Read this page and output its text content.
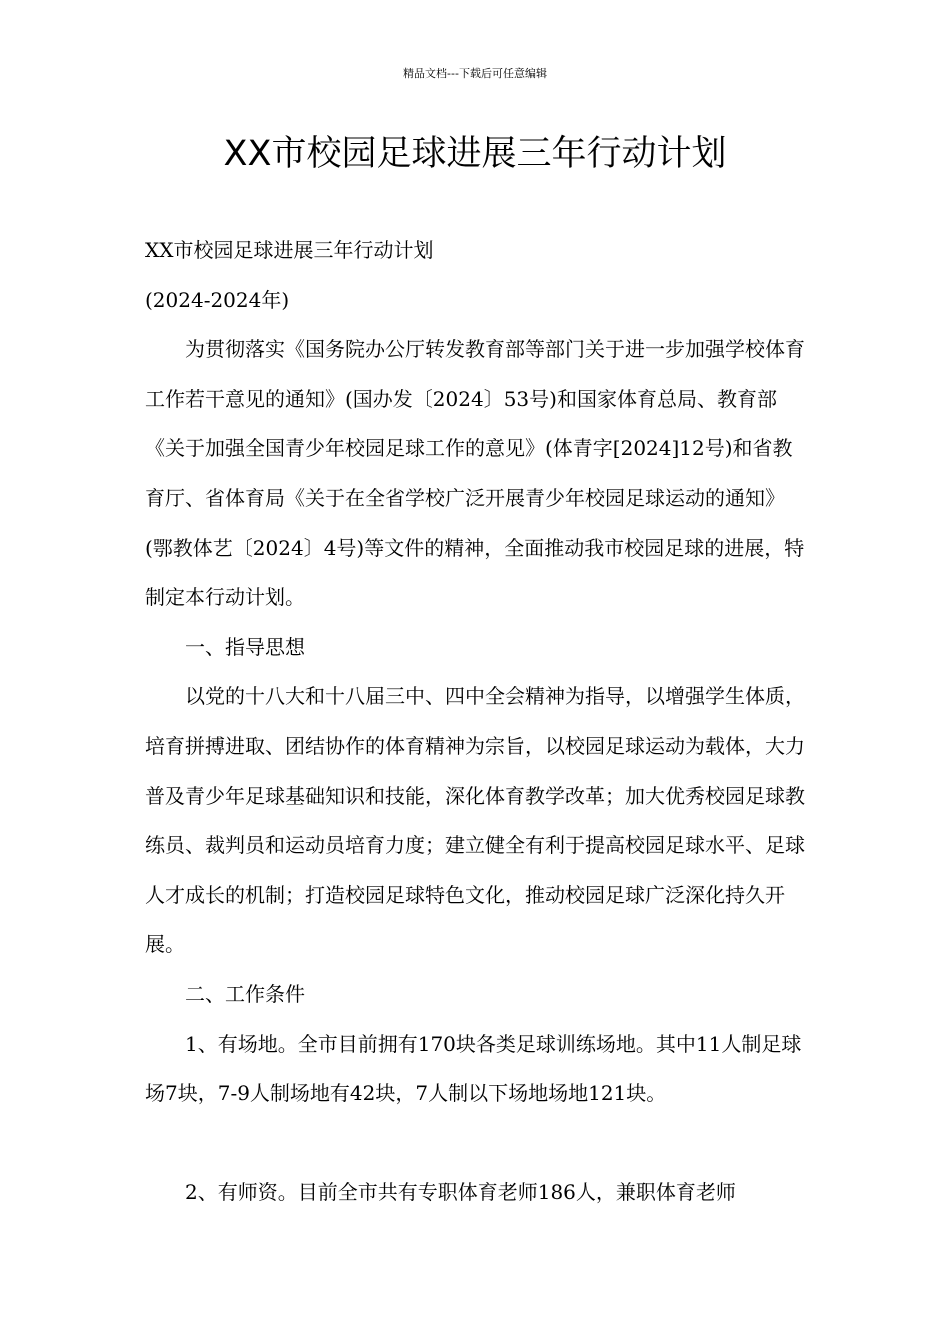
精品文档---下载后可任意编辑
XX市校园足球进展三年行动计划

XX市校园足球进展三年行动计划

(2024-2024年)

为贯彻落实《国务院办公厅转发教育部等部门关于进一步加强学校体育工作若干意见的通知》(国办发〔2024〕53号)和国家体育总局、教育部《关于加强全国青少年校园足球工作的意见》(体青字[2024]12号)和省教育厅、省体育局《关于在全省学校广泛开展青少年校园足球运动的通知》(鄂教体艺〔2024〕4号)等文件的精神，全面推动我市校园足球的进展，特制定本行动计划。

一、指导思想

以党的十八大和十八届三中、四中全会精神为指导，以增强学生体质，培育拼搏进取、团结协作的体育精神为宗旨，以校园足球运动为载体，大力普及青少年足球基础知识和技能，深化体育教学改革；加大优秀校园足球教练员、裁判员和运动员培育力度；建立健全有利于提高校园足球水平、足球人才成长的机制；打造校园足球特色文化，推动校园足球广泛深化持久开展。

二、工作条件

1、有场地。全市目前拥有170块各类足球训练场地。其中11人制足球场7块，7-9人制场地有42块，7人制以下场地场地121块。

2、有师资。目前全市共有专职体育老师186人，兼职体育老师
